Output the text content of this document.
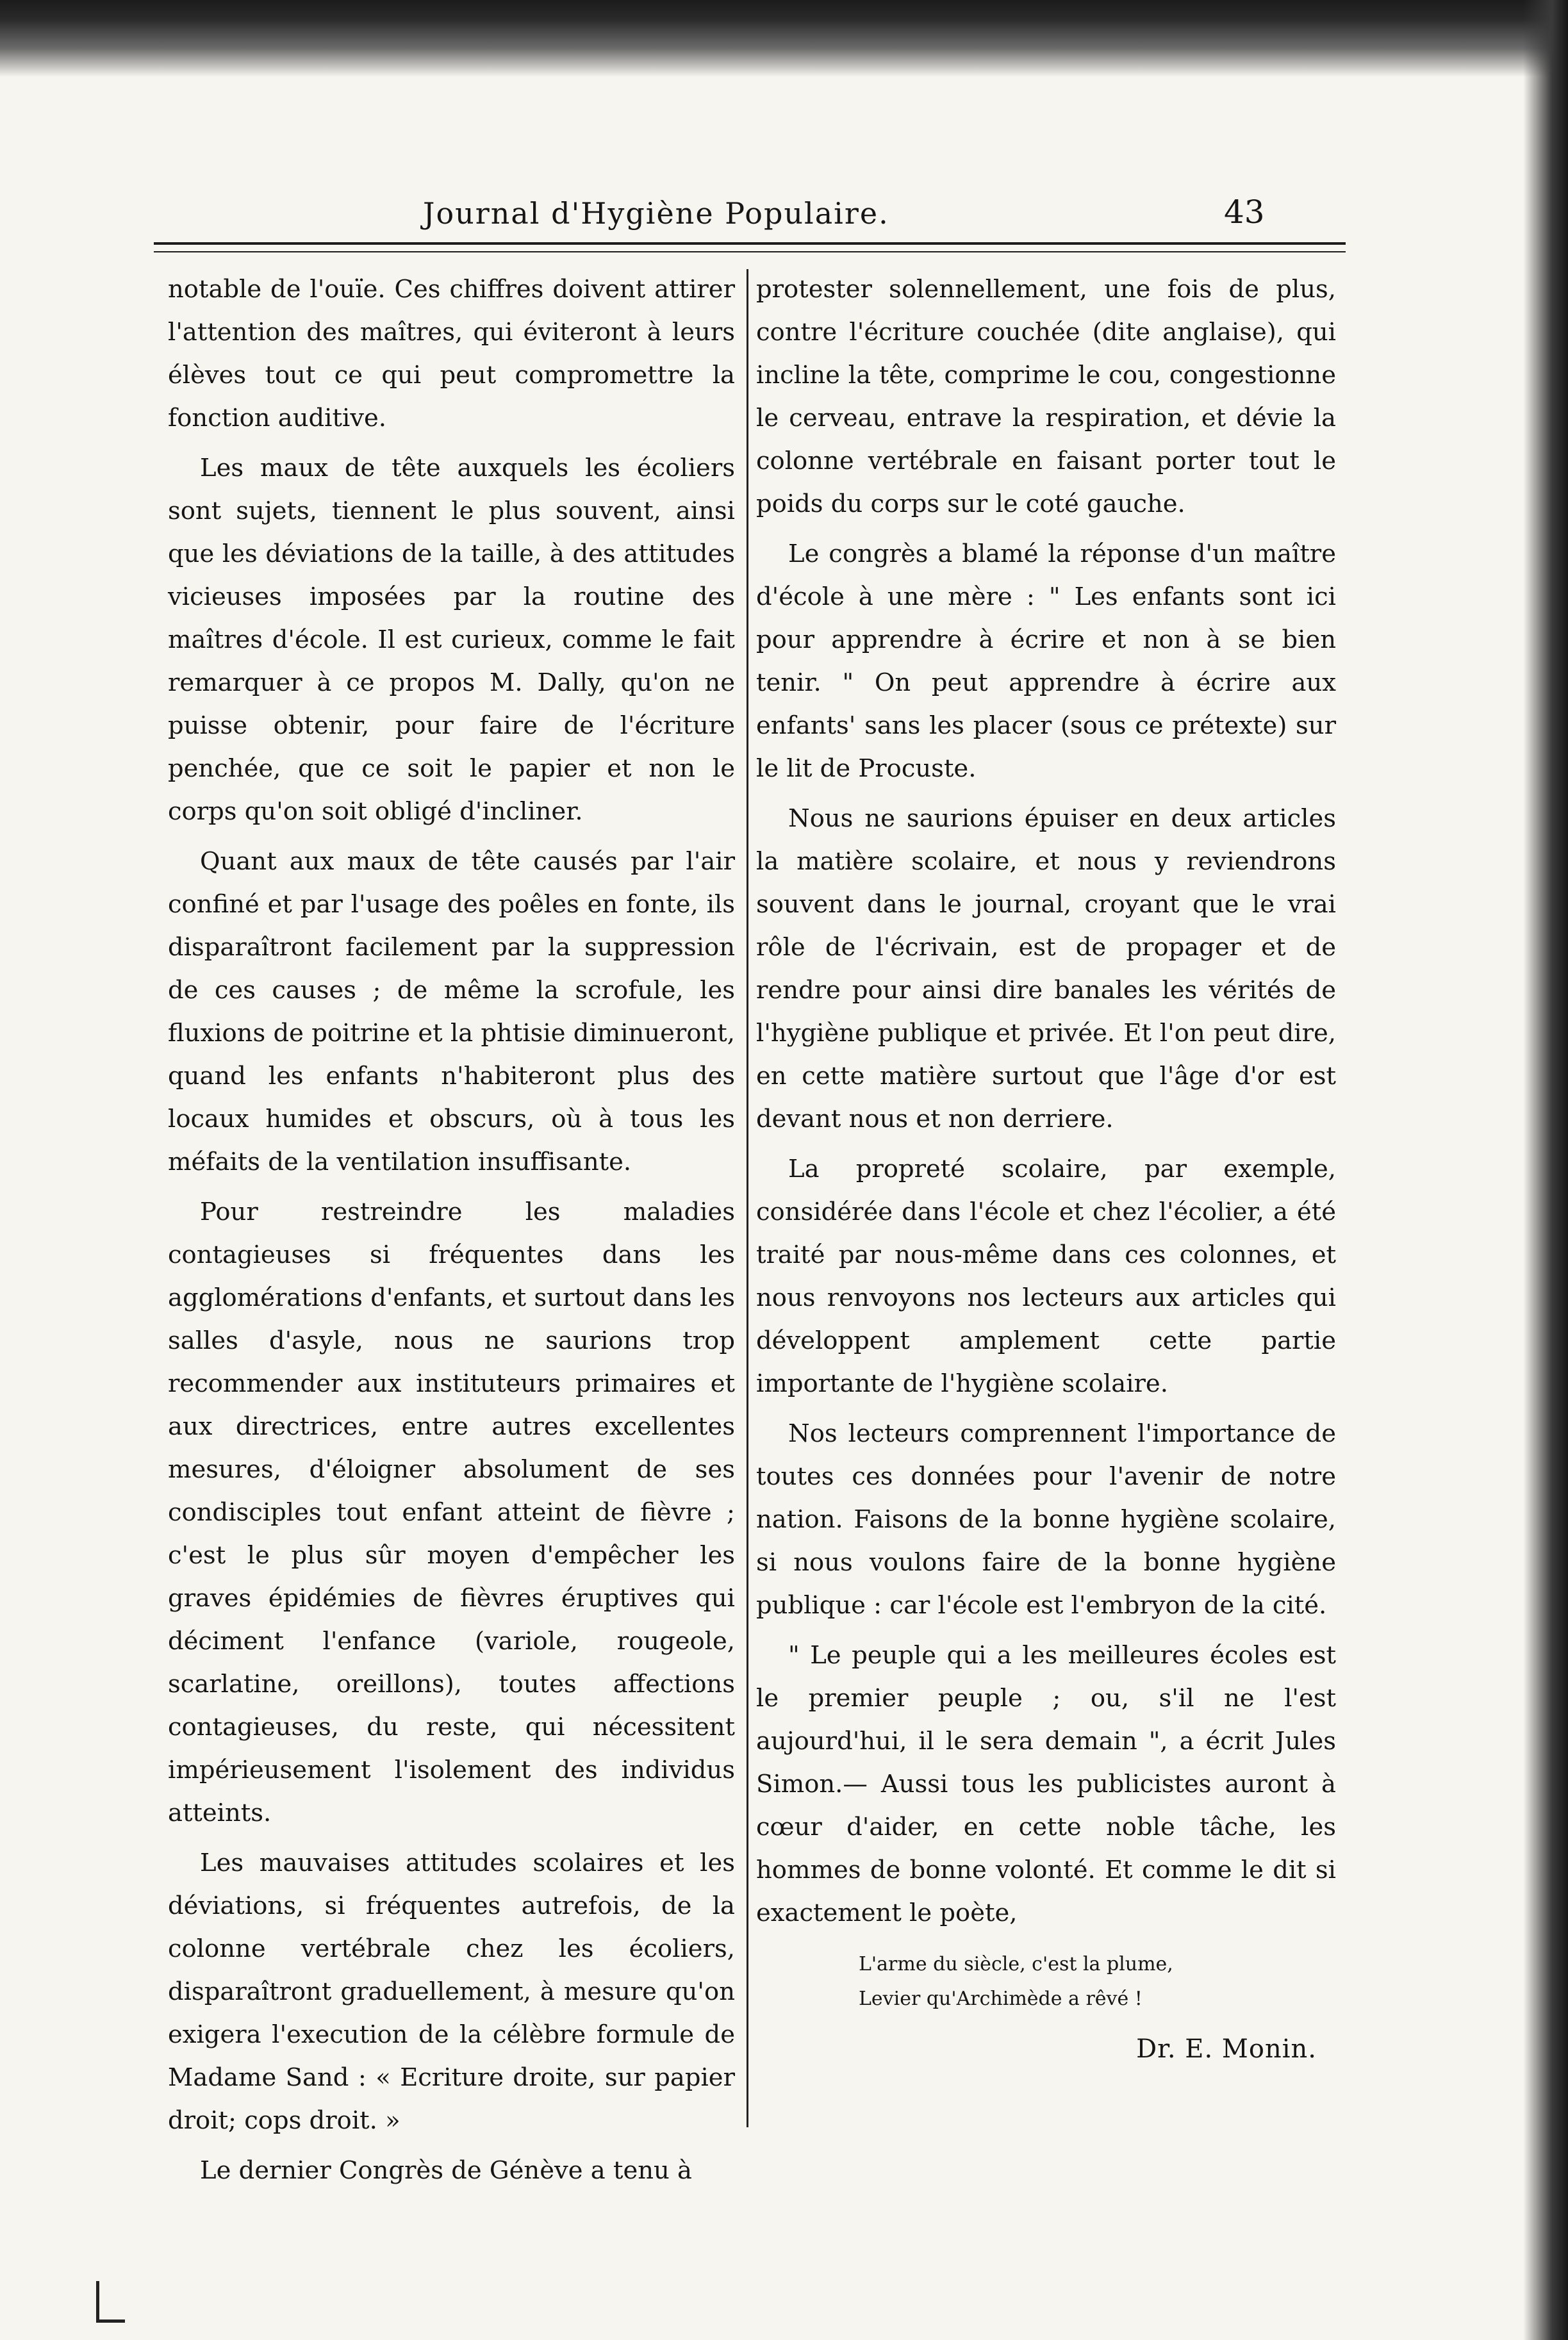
Journal d'Hygiène Populaire.	43

notable de l'ouïe. Ces chiffres doivent attirer l'attention des maîtres, qui éviteront à leurs élèves tout ce qui peut compromettre la fonction auditive.

Les maux de tête auxquels les écoliers sont sujets, tiennent le plus souvent, ainsi que les déviations de la taille, à des attitudes vicieuses imposées par la routine des maîtres d'école. Il est curieux, comme le fait remarquer à ce propos M. Dally, qu'on ne puisse obtenir, pour faire de l'écriture penchée, que ce soit le papier et non le corps qu'on soit obligé d'incliner.

Quant aux maux de tête causés par l'air confiné et par l'usage des poêles en fonte, ils disparaîtront facilement par la suppression de ces causes ; de même la scrofule, les fluxions de poitrine et la phtisie diminueront, quand les enfants n'habiteront plus des locaux humides et obscurs, où à tous les méfaits de la ventilation insuffisante.

Pour restreindre les maladies contagieuses si fréquentes dans les agglomérations d'enfants, et surtout dans les salles d'asyle, nous ne saurions trop recommender aux instituteurs primaires et aux directrices, entre autres excellentes mesures, d'éloigner absolument de ses condisciples tout enfant atteint de fièvre ; c'est le plus sûr moyen d'empêcher les graves épidémies de fièvres éruptives qui déciment l'enfance (variole, rougeole, scarlatine, oreillons), toutes affections contagieuses, du reste, qui nécessitent impérieusement l'isolement des individus atteints.

Les mauvaises attitudes scolaires et les déviations, si fréquentes autrefois, de la colonne vertébrale chez les écoliers, disparaîtront graduellement, à mesure qu'on exigera l'execution de la célèbre formule de Madame Sand : « Ecriture droite, sur papier droit; cops droit. »

Le dernier Congrès de Génève a tenu à

protester solennellement, une fois de plus, contre l'écriture couchée (dite anglaise), qui incline la tête, comprime le cou, congestionne le cerveau, entrave la respiration, et dévie la colonne vertébrale en faisant porter tout le poids du corps sur le coté gauche.

Le congrès a blamé la réponse d'un maître d'école à une mère : " Les enfants sont ici pour apprendre à écrire et non à se bien tenir. " On peut apprendre à écrire aux enfants' sans les placer (sous ce prétexte) sur le lit de Procuste.

Nous ne saurions épuiser en deux articles la matière scolaire, et nous y reviendrons souvent dans le journal, croyant que le vrai rôle de l'écrivain, est de propager et de rendre pour ainsi dire banales les vérités de l'hygiène publique et privée. Et l'on peut dire, en cette matière surtout que l'âge d'or est devant nous et non derriere.

La propreté scolaire, par exemple, considérée dans l'école et chez l'écolier, a été traité par nous-même dans ces colonnes, et nous renvoyons nos lecteurs aux articles qui développent amplement cette partie importante de l'hygiène scolaire.

Nos lecteurs comprennent l'importance de toutes ces données pour l'avenir de notre nation. Faisons de la bonne hygiène scolaire, si nous voulons faire de la bonne hygiène publique : car l'école est l'embryon de la cité.

" Le peuple qui a les meilleures écoles est le premier peuple ; ou, s'il ne l'est aujourd'hui, il le sera demain ", a écrit Jules Simon.— Aussi tous les publicistes auront à cœur d'aider, en cette noble tâche, les hommes de bonne volonté. Et comme le dit si exactement le poète,

L'arme du siècle, c'est la plume,
Levier qu'Archimède a rêvé !
Dr. E. Monin.
